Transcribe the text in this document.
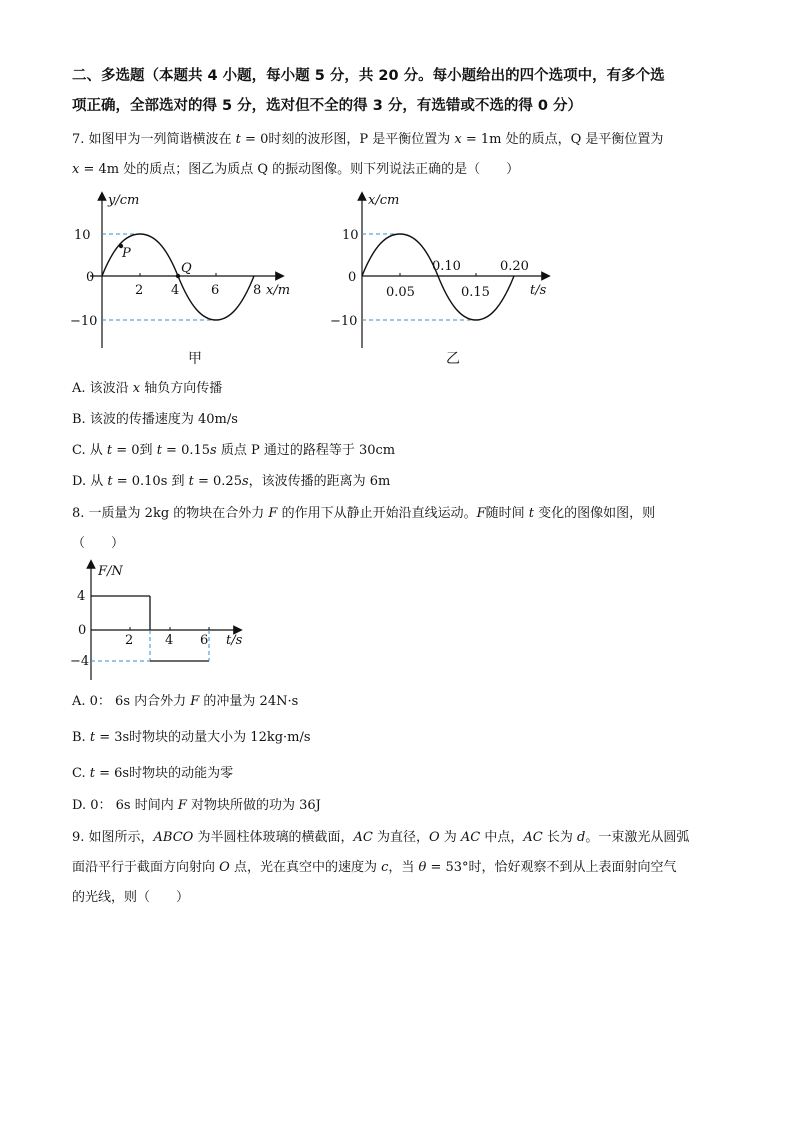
二、多选题（本题共 4 小题，每小题 5 分，共 20 分。每小题给出的四个选项中，有多个选
项正确，全部选对的得 5 分，选对但不全的得 3 分，有选错或不选的得 0 分）
7. 如图甲为一列简谐横波在 t = 0时刻的波形图，P 是平衡位置为 x = 1m 处的质点，Q 是平衡位置为
x = 4m 处的质点；图乙为质点 Q 的振动图像。则下列说法正确的是（　　）
y/cm
10
0
−10
2 4 6	8 x/m
P
Q
甲
x/cm
10
0
−10
0.05	0.15
0.10	0.20
t/s
乙
A. 该波沿 x 轴负方向传播
B. 该波的传播速度为 40m/s
C. 从 t = 0到 t = 0.15s 质点 P 通过的路程等于 30cm
D. 从 t = 0.10s 到 t = 0.25s，该波传播的距离为 6m
8. 一质量为 2kg 的物块在合外力 F 的作用下从静止开始沿直线运动。F随时间 t 变化的图像如图，则
（　　）
F/N
4
0
−4
2 4 6 t/s
A. 0： 6s 内合外力 F 的冲量为 24N·s
B. t = 3s时物块的动量大小为 12kg·m/s
C. t = 6s时物块的动能为零
D. 0： 6s 时间内 F 对物块所做的功为 36J
9. 如图所示，ABCO 为半圆柱体玻璃的横截面，AC 为直径，O 为 AC 中点，AC 长为 d。一束激光从圆弧
面沿平行于截面方向射向 O 点，光在真空中的速度为 c，当 θ = 53°时，恰好观察不到从上表面射向空气
的光线，则（　　）
